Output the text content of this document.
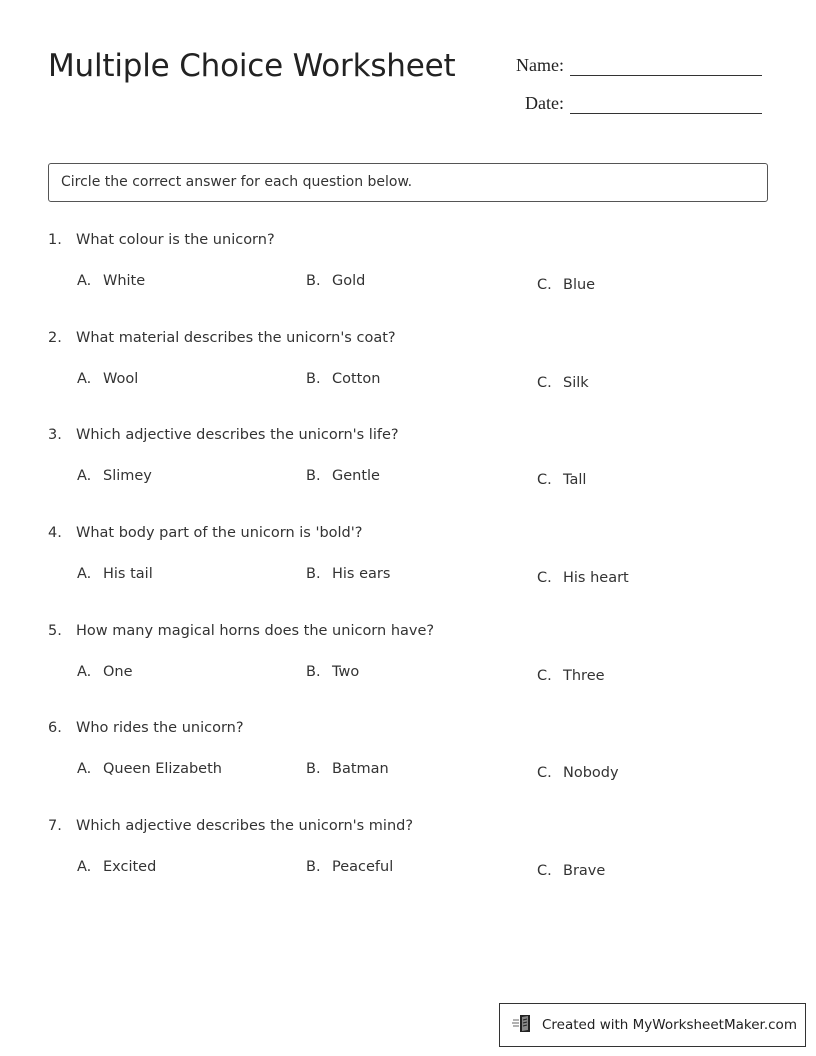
Multiple Choice Worksheet	Name:
Date:
Circle the correct answer for each question below.
1. What colour is the unicorn?
A. White	B. Gold	C. Blue
2. What material describes the unicorn's coat?
A. Wool	B. Cotton	C. Silk
3. Which adjective describes the unicorn's life?
A. Slimey	B. Gentle	C. Tall
4. What body part of the unicorn is 'bold'?
A. His tail	B. His ears	C. His heart
5. How many magical horns does the unicorn have?
A. One	B. Two	C. Three
6. Who rides the unicorn?
A. Queen Elizabeth	B. Batman	C. Nobody
7. Which adjective describes the unicorn's mind?
A. Excited	B. Peaceful	C. Brave
Created with MyWorksheetMaker.com
